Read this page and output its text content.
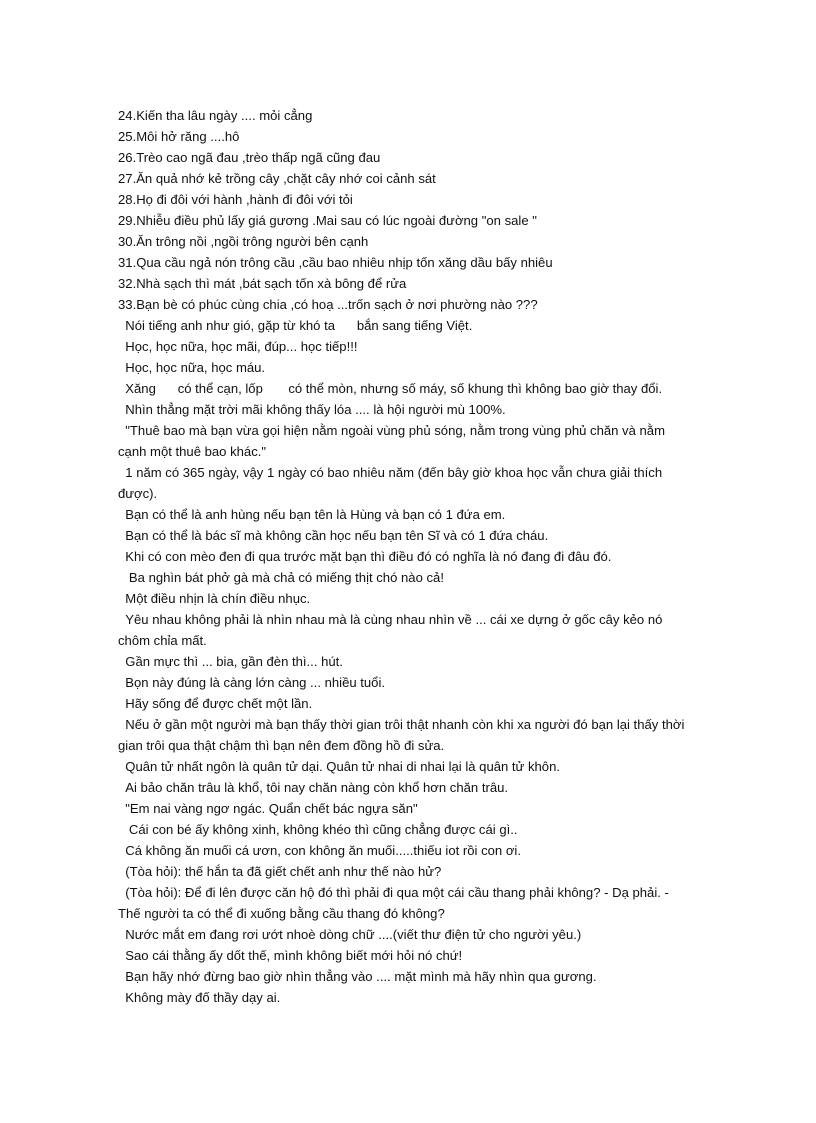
24.Kiến tha lâu ngày .... mỏi cẳng

25.Môi hở răng ....hô

26.Trèo cao ngã đau ,trèo thấp ngã cũng đau

27.Ăn quả nhớ kẻ trồng cây ,chặt cây nhớ coi cảnh sát

28.Họ đi đôi với hành ,hành đi đôi với tỏi

29.Nhiễu điều phủ lấy giá gương .Mai sau có lúc ngoài đường "on sale "

30.Ăn trông nồi ,ngồi trông người bên cạnh

31.Qua cầu ngả nón trông cầu ,cầu bao nhiêu nhịp tốn xăng dầu bấy nhiêu

32.Nhà sạch thì mát ,bát sạch tốn xà bông để rửa

33.Bạn bè có phúc cùng chia ,có hoạ ...trốn sạch ở nơi phường nào ???

Nói tiếng anh như gió, gặp từ khó ta      bắn sang tiếng Việt.

Học, học nữa, học mãi, đúp... học tiếp!!!

Học, học nữa, học máu.

Xăng      có thể cạn, lốp       có thể mòn, nhưng số máy, số khung thì không bao giờ thay đổi.

Nhìn thẳng mặt trời mãi không thấy lóa .... là hội người mù 100%.

"Thuê bao mà bạn vừa gọi hiện nằm ngoài vùng phủ sóng, nằm trong vùng phủ chăn và nằm

cạnh một thuê bao khác."

1 năm có 365 ngày, vậy 1 ngày có bao nhiêu năm (đến bây giờ khoa học vẫn chưa giải thích

được).

Bạn có thể là anh hùng nếu bạn tên là Hùng và bạn có 1 đứa em.

Bạn có thể là bác sĩ mà không cần học nếu bạn tên Sĩ và có 1 đứa cháu.

Khi có con mèo đen đi qua trước mặt bạn thì điều đó có nghĩa là nó đang đi đâu đó.

Ba nghìn bát phở gà mà chả có miếng thịt chó nào cả!

Một điều nhịn là chín điều nhục.

Yêu nhau không phải là nhìn nhau mà là cùng nhau nhìn về ... cái xe dựng ở gốc cây kẻo nó

chôm chỉa mất.

Gần mực thì ... bia, gần đèn thì... hút.

Bọn này đúng là càng lớn càng ... nhiều tuổi.

Hãy sống để được chết một lần.

Nếu ở gần một người mà bạn thấy thời gian trôi thật nhanh còn khi xa người đó bạn lại thấy thời

gian trôi qua thật chậm thì bạn nên đem đồng hồ đi sửa.

Quân tử nhất ngôn là quân tử dại. Quân tử nhai di nhai lại là quân tử khôn.

Ai bảo chăn trâu là khổ, tôi nay chăn nàng còn khổ hơn chăn trâu.

"Em nai vàng ngơ ngác. Quẩn chết bác ngựa săn"

Cái con bé ấy không xinh, không khéo thì cũng chẳng được cái gì..

Cá không ăn muối cá ươn, con không ăn muối.....thiếu iot rồi con ơi.

(Tòa hỏi): thế hắn ta đã giết chết anh như thế nào hử?

(Tòa hỏi): Để đi lên được căn hộ đó thì phải đi qua một cái cầu thang phải không? - Dạ phải. -

Thế người ta có thể đi xuống bằng cầu thang đó không?

Nước mắt em đang rơi ướt nhoè dòng chữ ....(viết thư điện tử cho người yêu.)

Sao cái thằng ấy dốt thế, mình không biết mới hỏi nó chứ!

Bạn hãy nhớ đừng bao giờ nhìn thẳng vào .... mặt mình mà hãy nhìn qua gương.

Không mày đố thầy dạy ai.
